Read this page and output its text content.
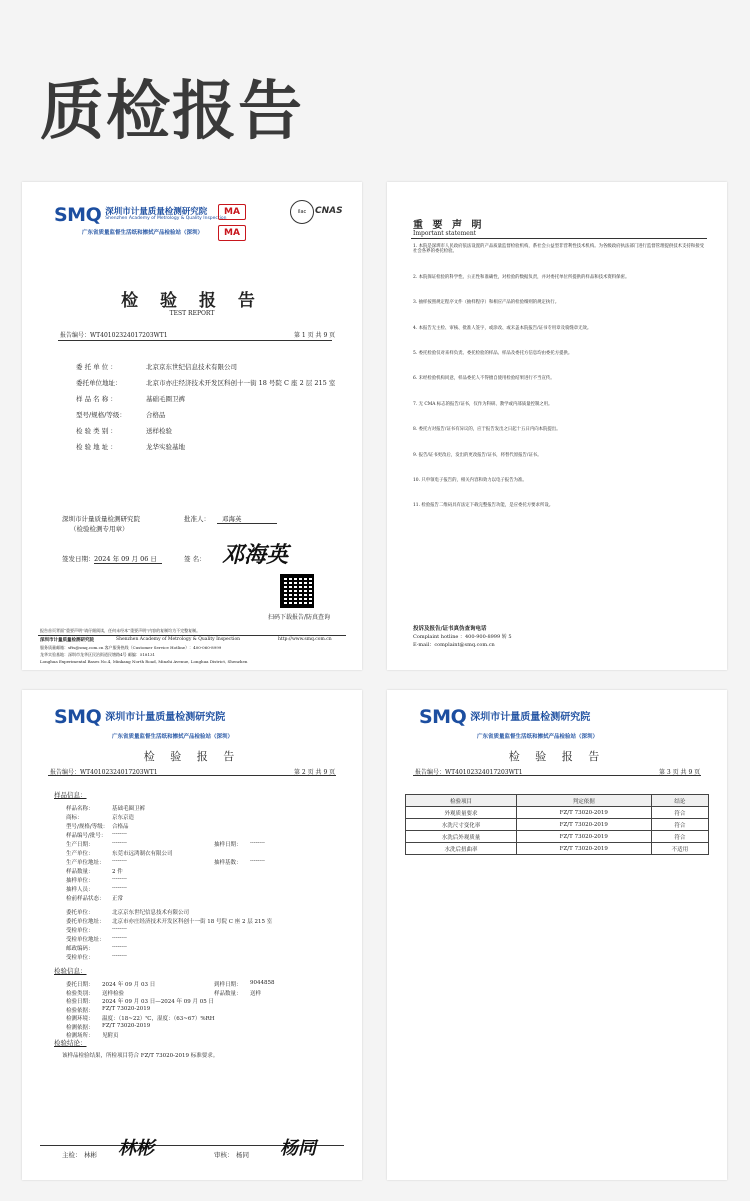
质检报告
SMQ 深圳市计量质量检测研究院
Shenzhen Academy of Metrology & Quality Inspection
广东省质量监督生活纸和擦拭产品检验站（深圳）
MA
MA
ilac CNAS
检 验 报 告
TEST REPORT
报告编号：WT40102324017203WT1	第 1 页 共 9 页
委 托 单 位 ：	北京京东世纪信息技术有限公司
委托单位地址：	北京市亦庄经济技术开发区科创十一街 18 号院 C 座 2 层 215 室
样 品 名 称 ：	基础毛圈卫裤
型号/规格/等级：	合格品
检 验 类 别 ：	送样检验
检 验 地 址 ：	龙华实验基地
深圳市计量质量检测研究院
（检验检测专用章）
批准人： 邓海英
签发日期： 2024 年 09 月 06 日	邓海英
签 名：
扫码下载报告/防真查询
报告首页背面“重要声明”请仔细阅读，任何未经本“重要声明”内容的复制均为不完整复制。
深圳市计量质量检测研究院	Shenzhen Academy of Metrology & Quality Inspection	http://www.smq.com.cn
服务质量邮箱：sfts@smq.com.cn 客户服务热线（Customer Service Hotline）：400-060-8999
龙华实验基地：深圳市龙华区民治街道民塘路4号 邮编：518131
Longhua Experimental Bases No.4, Minkang North Road, Minzhi Avenue, Longhua District, Shenzhen
重 要 声 明
Important statement
1. 本院是深圳市人民政府依法设置的产品质量监督检验机构，系社会公益型非营利性技术机构。为各级政府执法部门进行监督管理提供技术支持和接受社会各界的委托检验。
2. 本院保证检验的科学性、公正性和准确性，对检验的数据负责，并对委托单位所提供的样品和技术资料保密。
3. 抽样按照规定程序文件（抽样程序）和相应产品的检验细则的规定执行。
4. 本报告无主检、审核、批准人签字，或涂改、或未盖本院报告/证书专用章及骑缝章无效。
5. 委托检验仅对来样负责。委托检验的样品、样品及委托方信息均由委托方提供。
6. 未经检验机构同意，样品委托人不得擅自使用检验结果进行不当宣传。
7. 无 CMA 标志的报告/证书，仅作为科研、教学或内部质量控制之用。
8. 委托方对报告/证书有异议的，应于报告发出之日起十五日内向本院提出。
9. 报告/证书更改后，发出的更改报告/证书，将替代原报告/证书。
10. 只申领电子报告的，相关内容和效力以电子报告为准。
11. 检验报告二维码具有法定下载完整报告功能，是应委托方要求所设。
投诉及报告/证书真伪查询电话
Complaint hotline ：400-900-8999 转 5
E-mail：complaint@smq.com.cn
SMQ 深圳市计量质量检测研究院
广东省质量监督生活纸和擦拭产品检验站（深圳）
检 验 报 告
报告编号：WT40102324017203WT1	第 2 页 共 9 页
样品信息：
样品名称：	基础毛圈卫裤
商标：	京东京造
型号/规格/等级： 合格品
样品编号/批号： --------
生产日期：	--------
生产单位：	东莞市远鸿制衣有限公司
生产单位地址： --------
样品数量：	2 件
抽样单位：	--------
抽样人员：	--------
检前样品状态： 正常
抽样日期： --------
抽样基数： --------
委托单位：	北京京东世纪信息技术有限公司
委托单位地址： 北京市亦庄经济技术开发区科创十一街 18 号院 C 座 2 层 215 室
受检单位：	--------
受检单位地址： --------
邮政编码：	--------
受检单位：	--------
检验信息：
委托日期： 2024 年 09 月 03 日
检验类别： 送样检验
检验日期： 2024 年 09 月 03 日—2024 年 09 月 05 日
检验依据： FZ/T 73020-2019
检测环境： 温度：（18~22）℃，湿度：（63~67）%RH
检测依据： FZ/T 73020-2019
检测场所： 见附页
到样日期： 9044858
样品数量： 送样
检验结论：
该样品检验结果，所检项目符合 FZ/T 73020-2019 标准要求。
主检： 林彬 林彬	审核： 杨同 杨同
SMQ 深圳市计量质量检测研究院
广东省质量监督生活纸和擦拭产品检验站（深圳）
检 验 报 告
报告编号：WT40102324017203WT1	第 3 页 共 9 页
检验项目	判定依据	结论
外观质量要求	FZ/T 73020-2019	符合
水洗尺寸变化率	FZ/T 73020-2019	符合
水洗后外观质量	FZ/T 73020-2019	符合
水洗后扭曲率	FZ/T 73020-2019	不适用
